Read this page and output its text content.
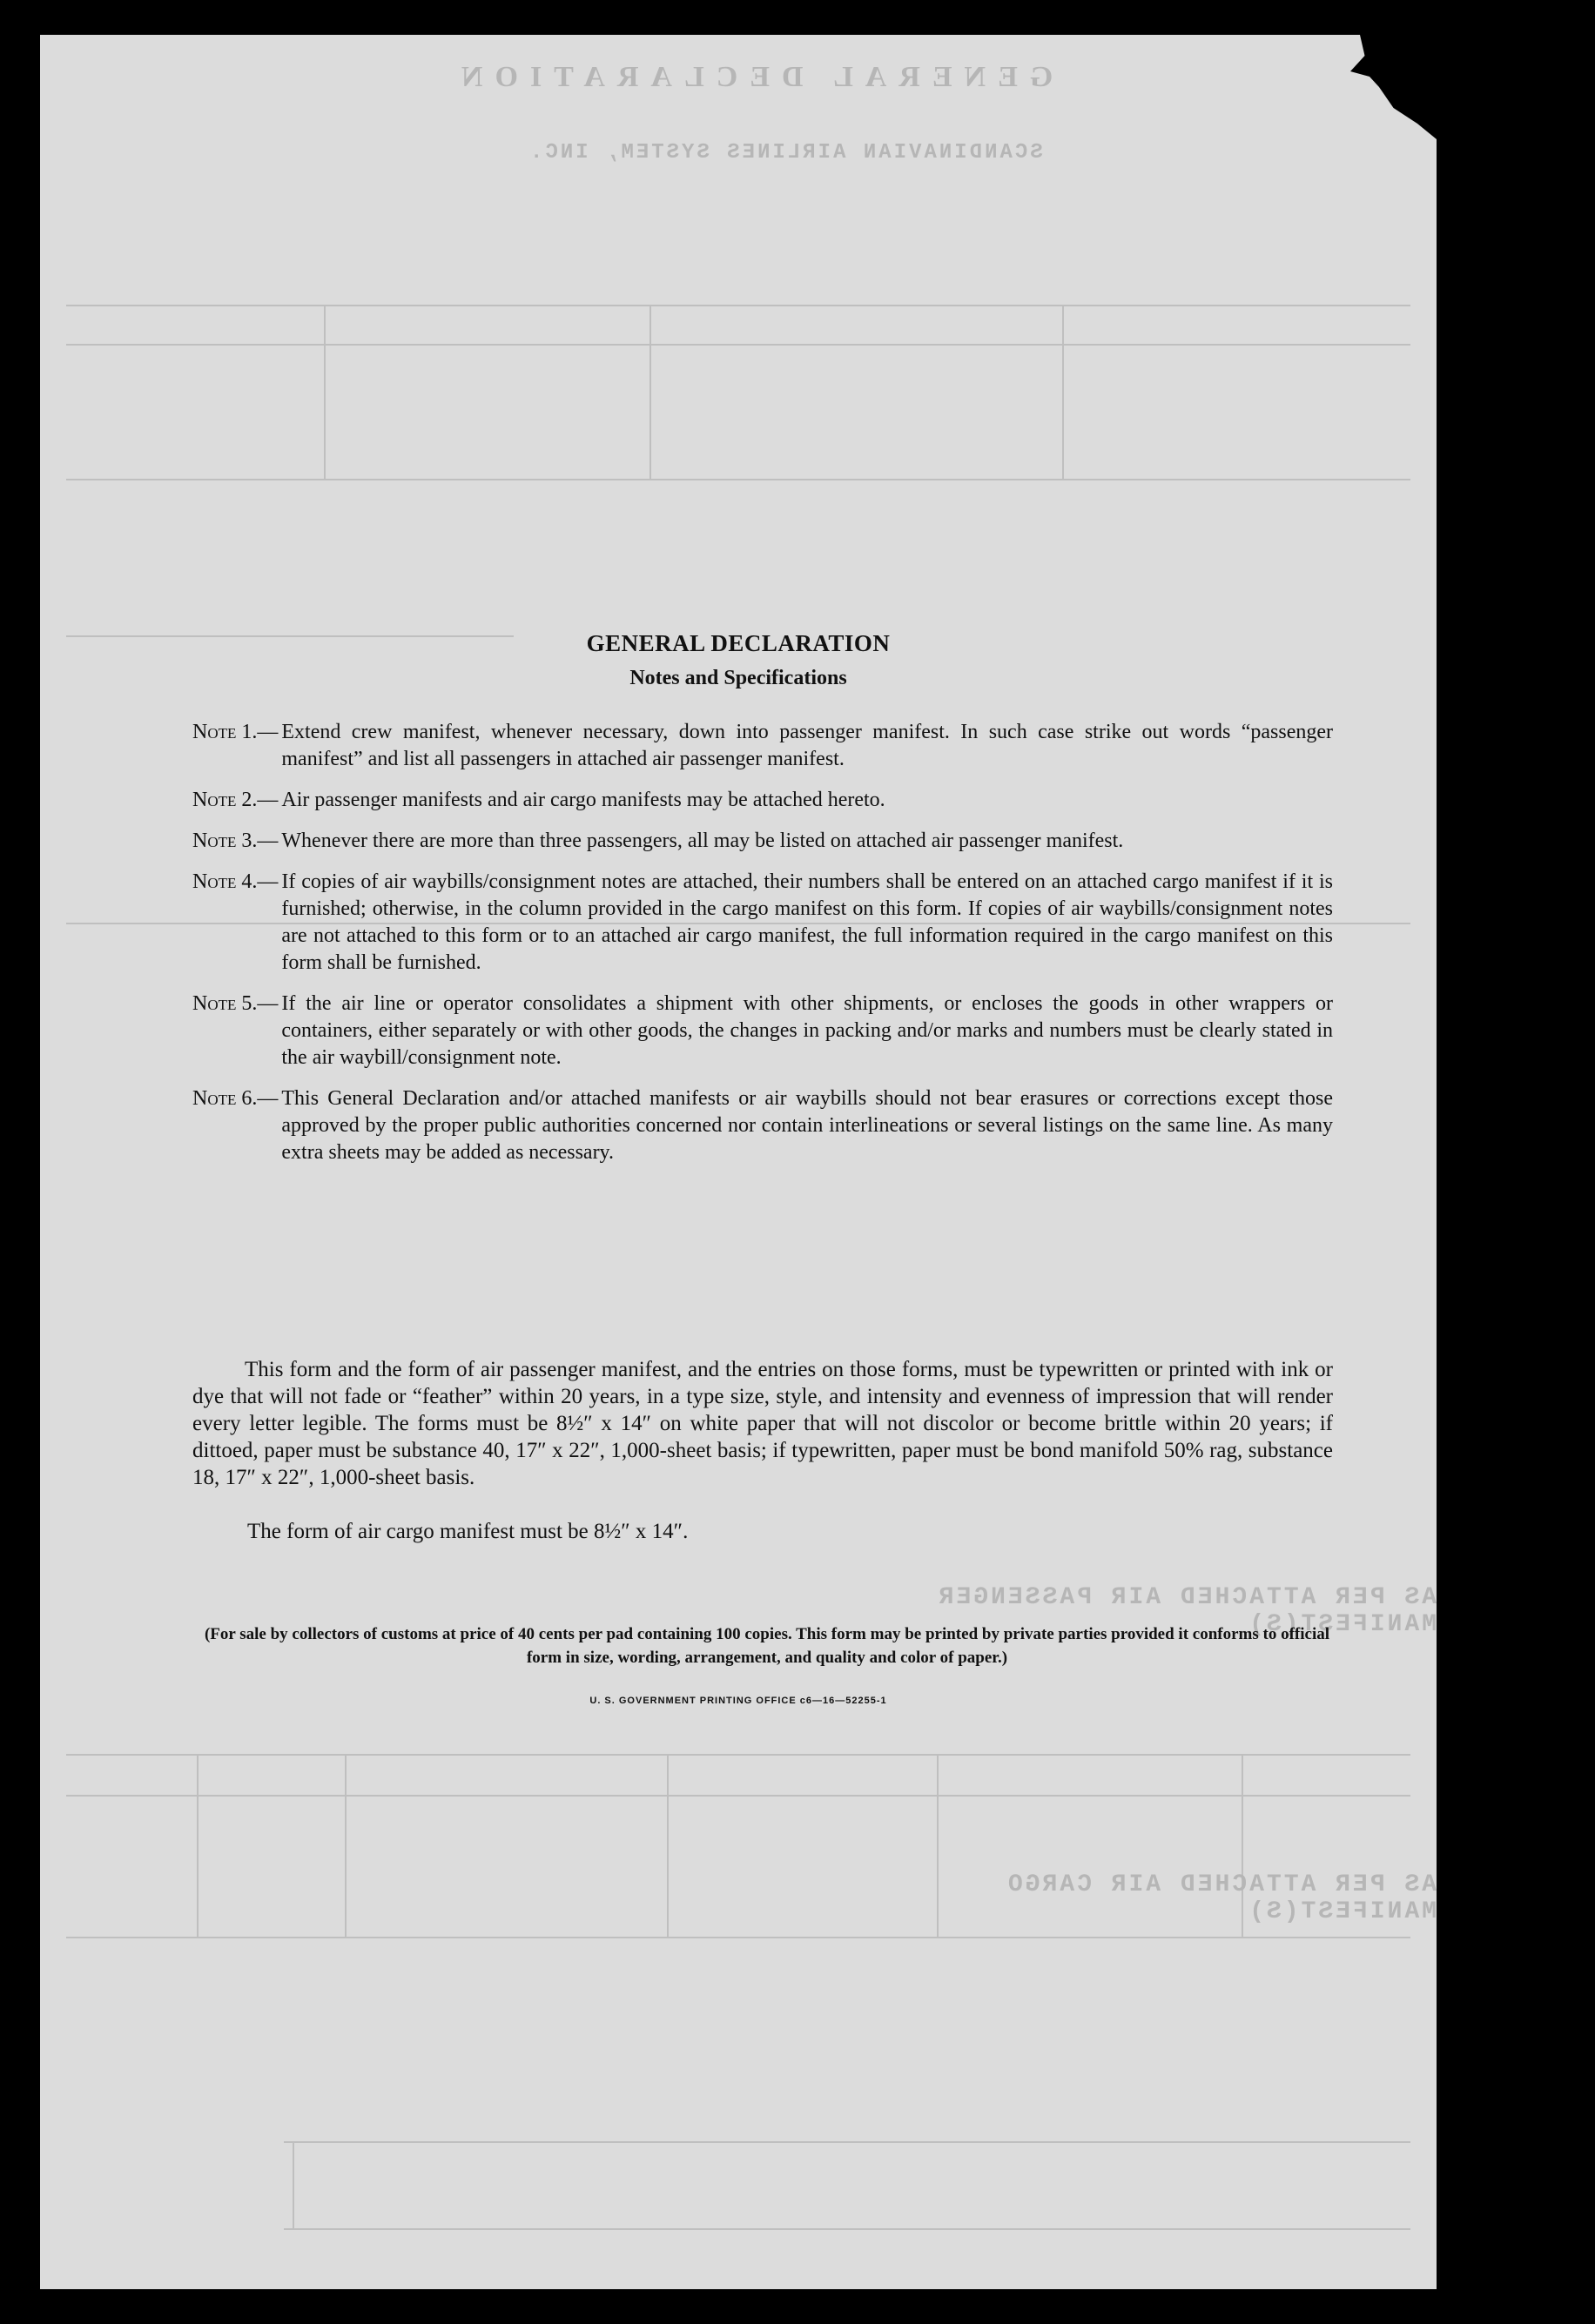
GENERAL DECLARATION
SCANDINAVIAN AIRLINES SYSTEM, INC.
AS PER ATTACHED AIR PASSENGER MANIFEST(S)
AS PER ATTACHED AIR CARGO MANIFEST(S)
GENERAL DECLARATION
Notes and Specifications
Note 1.— Extend crew manifest, whenever necessary, down into passenger manifest. In such case strike out words “passenger manifest” and list all passengers in attached air passenger manifest.
Note 2.— Air passenger manifests and air cargo manifests may be attached hereto.
Note 3.— Whenever there are more than three passengers, all may be listed on attached air passenger manifest.
Note 4.— If copies of air waybills/consignment notes are attached, their numbers shall be entered on an attached cargo manifest if it is furnished; otherwise, in the column provided in the cargo manifest on this form. If copies of air waybills/consignment notes are not attached to this form or to an attached air cargo manifest, the full information required in the cargo manifest on this form shall be furnished.
Note 5.— If the air line or operator consolidates a shipment with other shipments, or encloses the goods in other wrappers or containers, either separately or with other goods, the changes in packing and/or marks and numbers must be clearly stated in the air waybill/consignment note.
Note 6.— This General Declaration and/or attached manifests or air waybills should not bear erasures or corrections except those approved by the proper public authorities concerned nor contain interlineations or several listings on the same line. As many extra sheets may be added as necessary.
This form and the form of air passenger manifest, and the entries on those forms, must be typewritten or printed with ink or dye that will not fade or “feather” within 20 years, in a type size, style, and intensity and evenness of impression that will render every letter legible. The forms must be 8½″ x 14″ on white paper that will not discolor or become brittle within 20 years; if dittoed, paper must be substance 40, 17″ x 22″, 1,000-sheet basis; if typewritten, paper must be bond manifold 50% rag, substance 18, 17″ x 22″, 1,000-sheet basis.
The form of air cargo manifest must be 8½″ x 14″.
(For sale by collectors of customs at price of 40 cents per pad containing 100 copies. This form may be printed by private parties provided it conforms to official form in size, wording, arrangement, and quality and color of paper.)
U. S. GOVERNMENT PRINTING OFFICE c6—16—52255-1
